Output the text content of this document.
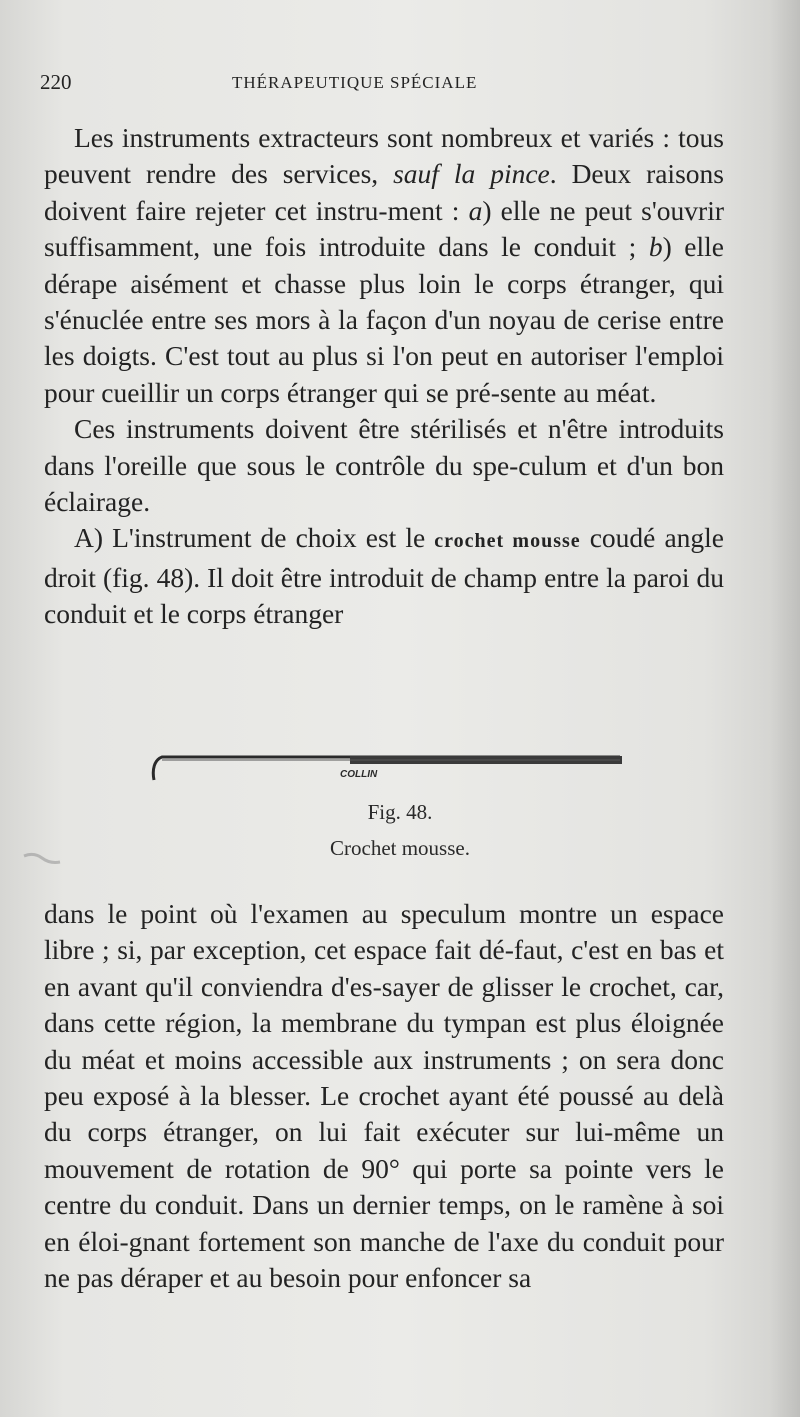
220	THÉRAPEUTIQUE SPÉCIALE

Les instruments extracteurs sont nombreux et variés : tous peuvent rendre des services, sauf la pince. Deux raisons doivent faire rejeter cet instru-ment : a) elle ne peut s'ouvrir suffisamment, une fois introduite dans le conduit ; b) elle dérape aisément et chasse plus loin le corps étranger, qui s'énuclée entre ses mors à la façon d'un noyau de cerise entre les doigts. C'est tout au plus si l'on peut en autoriser l'emploi pour cueillir un corps étranger qui se pré-sente au méat.

Ces instruments doivent être stérilisés et n'être introduits dans l'oreille que sous le contrôle du spe-culum et d'un bon éclairage.

A) L'instrument de choix est le crochet mousse coudé angle droit (fig. 48). Il doit être introduit de champ entre la paroi du conduit et le corps étranger

COLLIN
Fig. 48.
Crochet mousse.

dans le point où l'examen au speculum montre un espace libre ; si, par exception, cet espace fait dé-faut, c'est en bas et en avant qu'il conviendra d'es-sayer de glisser le crochet, car, dans cette région, la membrane du tympan est plus éloignée du méat et moins accessible aux instruments ; on sera donc peu exposé à la blesser. Le crochet ayant été poussé au delà du corps étranger, on lui fait exécuter sur lui-même un mouvement de rotation de 90° qui porte sa pointe vers le centre du conduit. Dans un dernier temps, on le ramène à soi en éloi-gnant fortement son manche de l'axe du conduit pour ne pas déraper et au besoin pour enfoncer sa
